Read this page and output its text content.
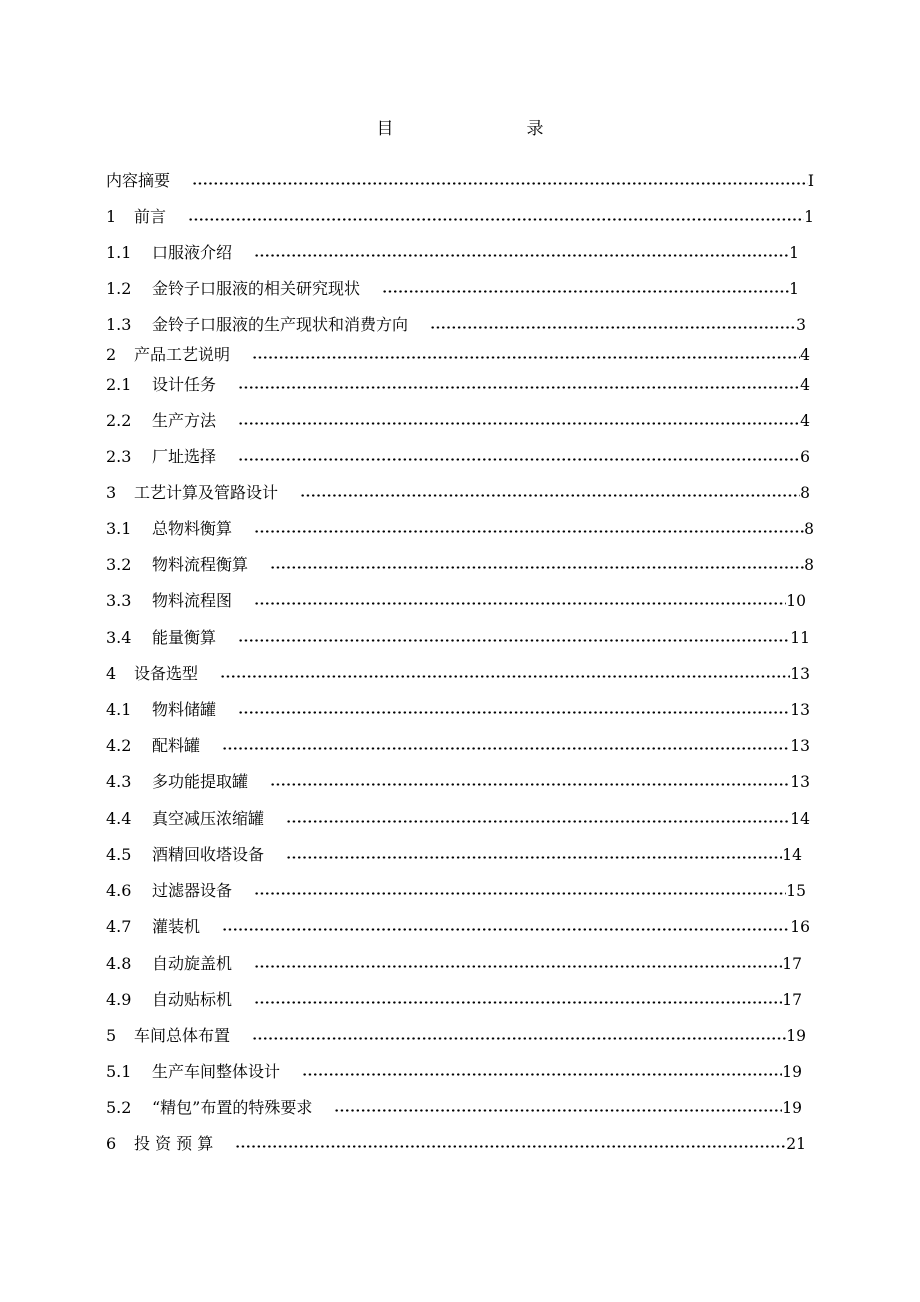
目　录
内容摘要	I
1	前言	1
1.1	口服液介绍	1
1.2	金铃子口服液的相关研究现状	1
1.3	金铃子口服液的生产现状和消费方向	3
2	产品工艺说明	4
2.1	设计任务	4
2.2	生产方法	4
2.3	厂址选择	6
3	工艺计算及管路设计	8
3.1	总物料衡算	8
3.2	物料流程衡算	8
3.3	物料流程图	10
3.4	能量衡算	11
4	设备选型	13
4.1	物料储罐	13
4.2	配料罐	13
4.3	多功能提取罐	13
4.4	真空减压浓缩罐	14
4.5	酒精回收塔设备	14
4.6	过滤器设备	15
4.7	灌装机	16
4.8	自动旋盖机	17
4.9	自动贴标机	17
5	车间总体布置	19
5.1	生产车间整体设计	19
5.2	“精包”布置的特殊要求	19
6	投 资 预 算	21
